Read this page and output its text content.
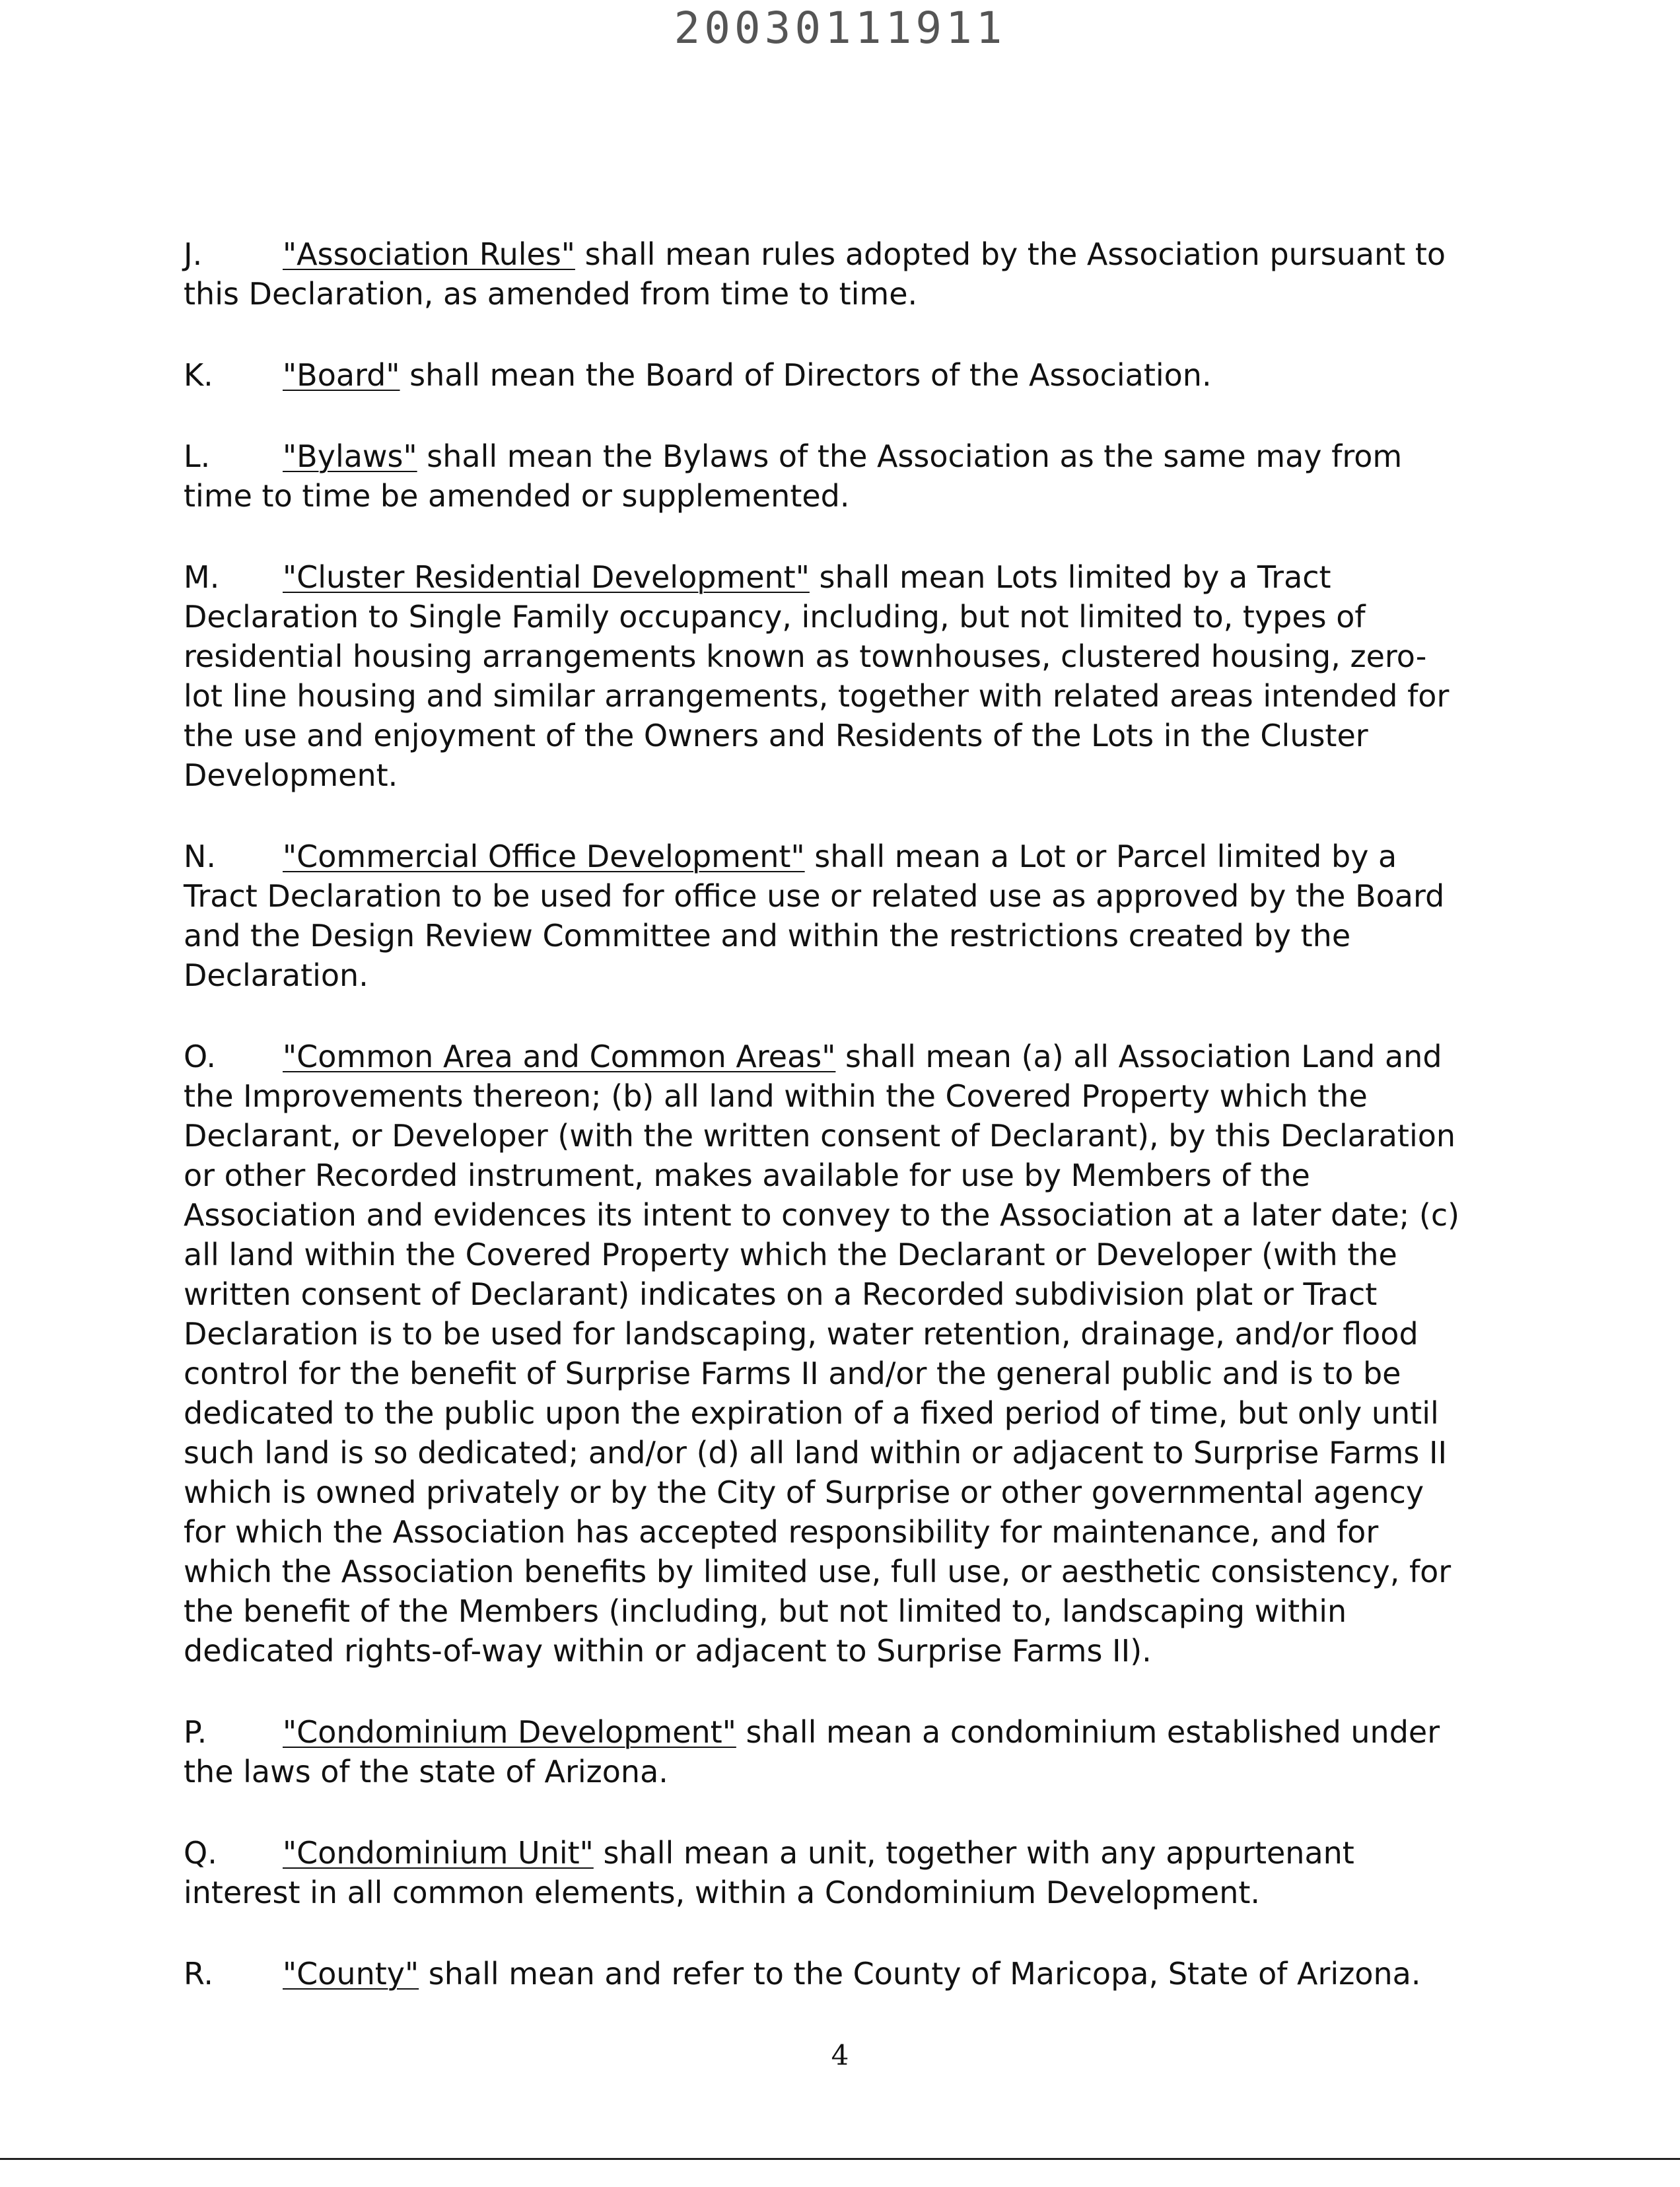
20030111911

J.	"Association Rules" shall mean rules adopted by the Association pursuant to this Declaration, as amended from time to time.

K. "Board" shall mean the Board of Directors of the Association.

L. "Bylaws" shall mean the Bylaws of the Association as the same may from time to time be amended or supplemented.

M. "Cluster Residential Development" shall mean Lots limited by a Tract Declaration to Single Family occupancy, including, but not limited to, types of residential housing arrangements known as townhouses, clustered housing, zero-lot line housing and similar arrangements, together with related areas intended for the use and enjoyment of the Owners and Residents of the Lots in the Cluster Development.

N. "Commercial Office Development" shall mean a Lot or Parcel limited by a Tract Declaration to be used for office use or related use as approved by the Board and the Design Review Committee and within the restrictions created by the Declaration.

O. "Common Area and Common Areas" shall mean (a) all Association Land and the Improvements thereon; (b) all land within the Covered Property which the Declarant, or Developer (with the written consent of Declarant), by this Declaration or other Recorded instrument, makes available for use by Members of the Association and evidences its intent to convey to the Association at a later date; (c) all land within the Covered Property which the Declarant or Developer (with the written consent of Declarant) indicates on a Recorded subdivision plat or Tract Declaration is to be used for landscaping, water retention, drainage, and/or flood control for the benefit of Surprise Farms II and/or the general public and is to be dedicated to the public upon the expiration of a fixed period of time, but only until such land is so dedicated; and/or (d) all land within or adjacent to Surprise Farms II which is owned privately or by the City of Surprise or other governmental agency for which the Association has accepted responsibility for maintenance, and for which the Association benefits by limited use, full use, or aesthetic consistency, for the benefit of the Members (including, but not limited to, landscaping within dedicated rights-of-way within or adjacent to Surprise Farms II).

P. "Condominium Development" shall mean a condominium established under the laws of the state of Arizona.

Q. "Condominium Unit" shall mean a unit, together with any appurtenant interest in all common elements, within a Condominium Development.

R. "County" shall mean and refer to the County of Maricopa, State of Arizona.

4
